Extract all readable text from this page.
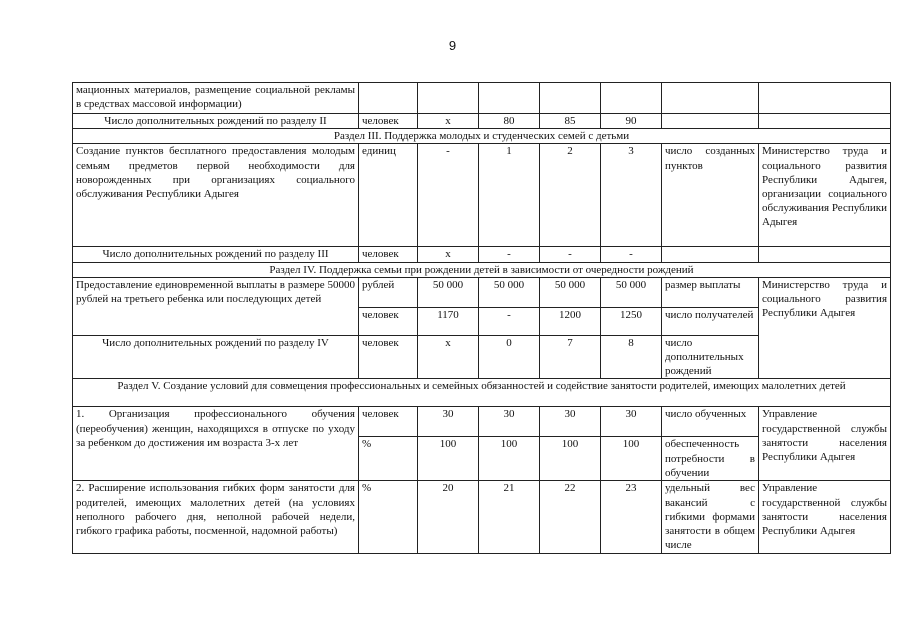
9
мационных материалов, размещение социальной рекламы в средствах массовой информации)							
Число дополнительных рождений по разделу II	человек	x	80	85	90		
Раздел III. Поддержка молодых и студенческих семей с детьми							
Создание пунктов бесплатного предоставления молодым семьям предметов первой необходимости для новорожденных при организациях социального обслуживания Республики Адыгея	единиц	-	1	2	3	число созданных пунктов	Министерство труда и социального развития Республики Адыгея, организации социального обслуживания Республики Адыгея
Число дополнительных рождений по разделу III	человек	x	-	-	-		
Раздел IV. Поддержка семьи при рождении детей в зависимости от очередности рождений							
Предоставление единовременной выплаты в размере 50000 рублей на третьего ребенка или последующих детей	рублей	50 000	50 000	50 000	50 000	размер выплаты	Министерство труда и социального развития Республики Адыгея
	человек	1170	-	1200	1250	число получателей	
Число дополнительных рождений по разделу IV	человек	x	0	7	8	число дополнительных рождений	
Раздел V. Создание условий для совмещения профессиональных и семейных обязанностей и содействие занятости родителей, имеющих малолетних детей							
1. Организация профессионального обучения (переобучения) женщин, находящихся в отпуске по уходу за ребенком до достижения им возраста 3-х лет	человек	30	30	30	30	число обученных	Управление государственной службы занятости населения Республики Адыгея
	%	100	100	100	100	обеспеченность потребности в обучении	
2. Расширение использования гибких форм занятости для родителей, имеющих малолетних детей (на условиях неполного рабочего дня, неполной рабочей недели, гибкого графика работы, посменной, надомной работы)	%	20	21	22	23	удельный вес вакансий с гибкими формами занятости в общем числе	Управление государственной службы занятости населения Республики Адыгея
